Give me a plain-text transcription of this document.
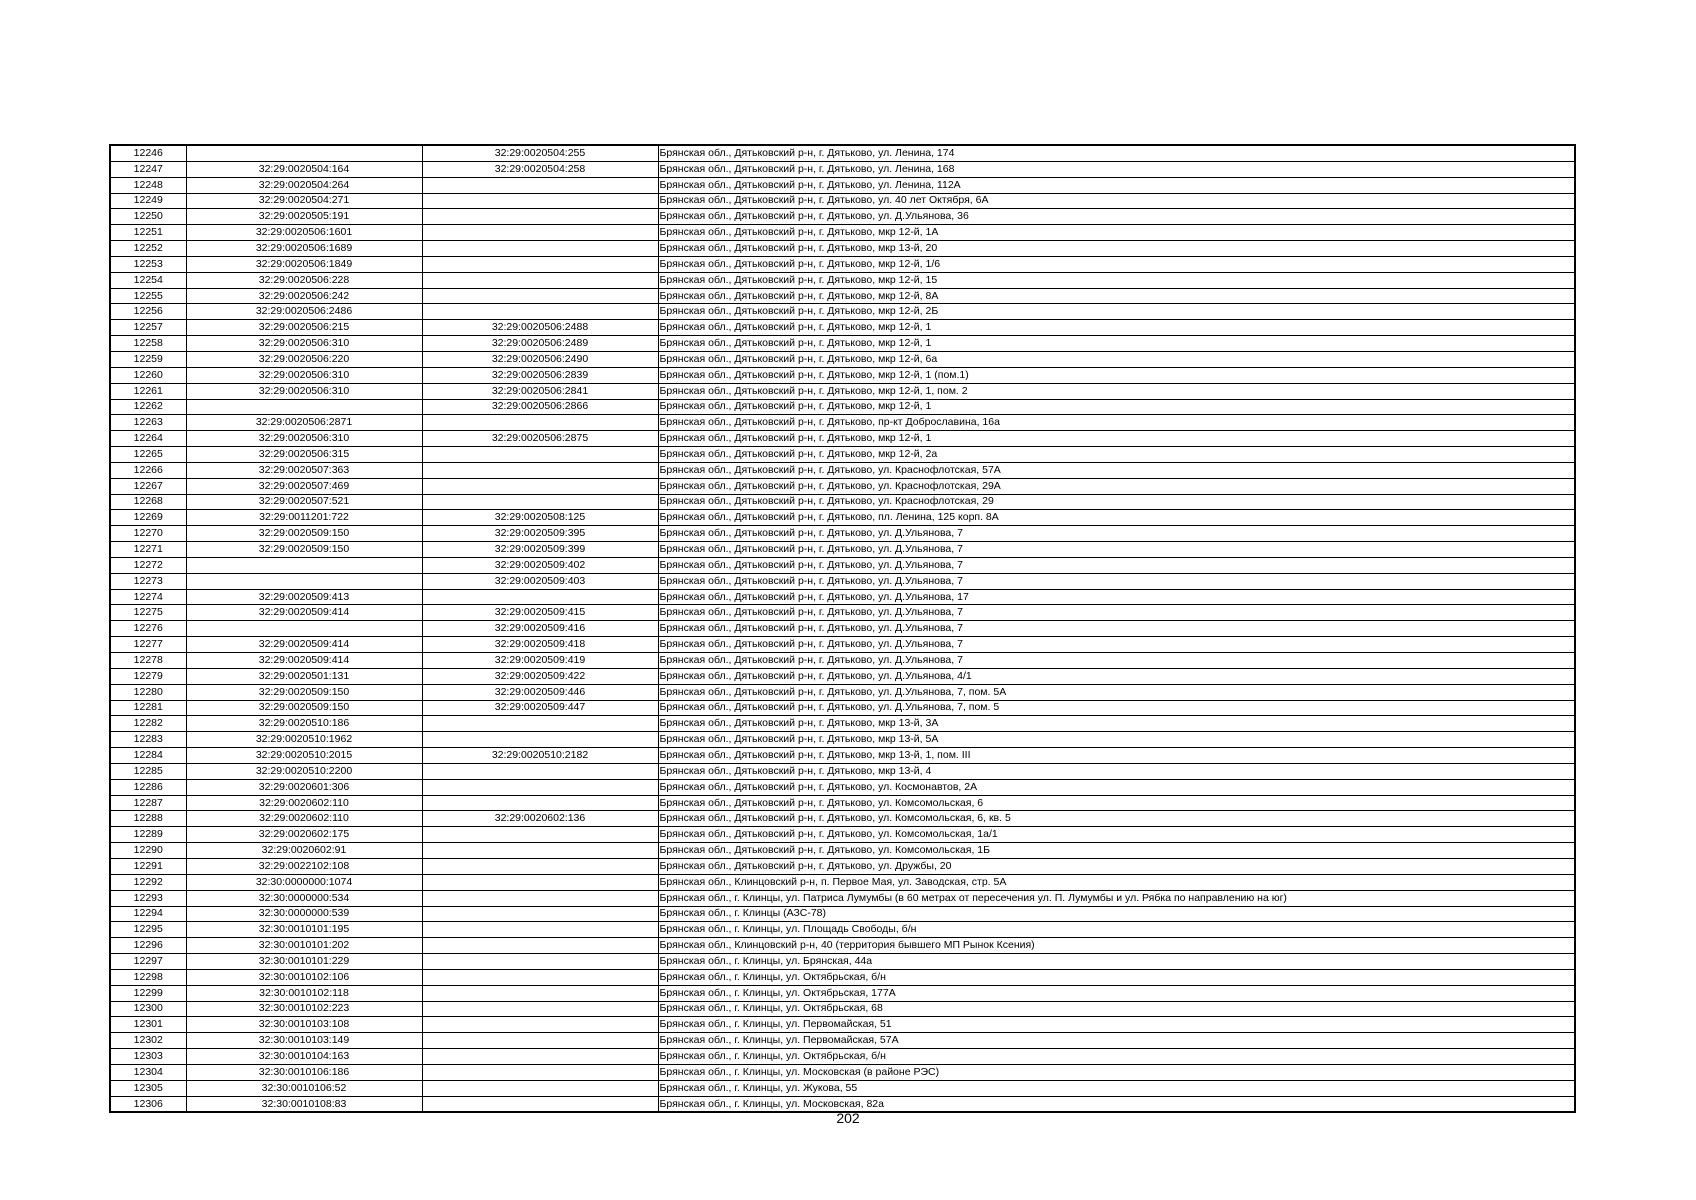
12246		32:29:0020504:255	Брянская обл., Дятьковский р-н, г. Дятьково, ул. Ленина, 174
12247	32:29:0020504:164	32:29:0020504:258	Брянская обл., Дятьковский р-н, г. Дятьково, ул. Ленина, 168
12248	32:29:0020504:264		Брянская обл., Дятьковский р-н, г. Дятьково, ул. Ленина, 112А
12249	32:29:0020504:271		Брянская обл., Дятьковский р-н, г. Дятьково, ул. 40 лет Октября, 6А
12250	32:29:0020505:191		Брянская обл., Дятьковский р-н, г. Дятьково, ул. Д.Ульянова, 36
12251	32:29:0020506:1601		Брянская обл., Дятьковский р-н, г. Дятьково, мкр 12-й, 1А
12252	32:29:0020506:1689		Брянская обл., Дятьковский р-н, г. Дятьково, мкр 13-й, 20
12253	32:29:0020506:1849		Брянская обл., Дятьковский р-н, г. Дятьково, мкр 12-й, 1/6
12254	32:29:0020506:228		Брянская обл., Дятьковский р-н, г. Дятьково, мкр 12-й, 15
12255	32:29:0020506:242		Брянская обл., Дятьковский р-н, г. Дятьково, мкр 12-й, 8А
12256	32:29:0020506:2486		Брянская обл., Дятьковский р-н, г. Дятьково, мкр 12-й, 2Б
12257	32:29:0020506:215	32:29:0020506:2488	Брянская обл., Дятьковский р-н, г. Дятьково, мкр 12-й, 1
12258	32:29:0020506:310	32:29:0020506:2489	Брянская обл., Дятьковский р-н, г. Дятьково, мкр 12-й, 1
12259	32:29:0020506:220	32:29:0020506:2490	Брянская обл., Дятьковский р-н, г. Дятьково, мкр 12-й, 6а
12260	32:29:0020506:310	32:29:0020506:2839	Брянская обл., Дятьковский р-н, г. Дятьково, мкр 12-й, 1 (пом.1)
12261	32:29:0020506:310	32:29:0020506:2841	Брянская обл., Дятьковский р-н, г. Дятьково, мкр 12-й, 1, пом. 2
12262		32:29:0020506:2866	Брянская обл., Дятьковский р-н, г. Дятьково, мкр 12-й, 1
12263	32:29:0020506:2871		Брянская обл., Дятьковский р-н, г. Дятьково, пр-кт Доброславина, 16а
12264	32:29:0020506:310	32:29:0020506:2875	Брянская обл., Дятьковский р-н, г. Дятьково, мкр 12-й, 1
12265	32:29:0020506:315		Брянская обл., Дятьковский р-н, г. Дятьково, мкр 12-й, 2а
12266	32:29:0020507:363		Брянская обл., Дятьковский р-н, г. Дятьково, ул. Краснофлотская, 57А
12267	32:29:0020507:469		Брянская обл., Дятьковский р-н, г. Дятьково, ул. Краснофлотская, 29А
12268	32:29:0020507:521		Брянская обл., Дятьковский р-н, г. Дятьково, ул. Краснофлотская, 29
12269	32:29:0011201:722	32:29:0020508:125	Брянская обл., Дятьковский р-н, г. Дятьково, пл. Ленина, 125 корп. 8А
12270	32:29:0020509:150	32:29:0020509:395	Брянская обл., Дятьковский р-н, г. Дятьково, ул. Д.Ульянова, 7
12271	32:29:0020509:150	32:29:0020509:399	Брянская обл., Дятьковский р-н, г. Дятьково, ул. Д.Ульянова, 7
12272		32:29:0020509:402	Брянская обл., Дятьковский р-н, г. Дятьково, ул. Д.Ульянова, 7
12273		32:29:0020509:403	Брянская обл., Дятьковский р-н, г. Дятьково, ул. Д.Ульянова, 7
12274	32:29:0020509:413		Брянская обл., Дятьковский р-н, г. Дятьково, ул. Д.Ульянова, 17
12275	32:29:0020509:414	32:29:0020509:415	Брянская обл., Дятьковский р-н, г. Дятьково, ул. Д.Ульянова, 7
12276		32:29:0020509:416	Брянская обл., Дятьковский р-н, г. Дятьково, ул. Д.Ульянова, 7
12277	32:29:0020509:414	32:29:0020509:418	Брянская обл., Дятьковский р-н, г. Дятьково, ул. Д.Ульянова, 7
12278	32:29:0020509:414	32:29:0020509:419	Брянская обл., Дятьковский р-н, г. Дятьково, ул. Д.Ульянова, 7
12279	32:29:0020501:131	32:29:0020509:422	Брянская обл., Дятьковский р-н, г. Дятьково, ул. Д.Ульянова, 4/1
12280	32:29:0020509:150	32:29:0020509:446	Брянская обл., Дятьковский р-н, г. Дятьково, ул. Д.Ульянова, 7, пом. 5А
12281	32:29:0020509:150	32:29:0020509:447	Брянская обл., Дятьковский р-н, г. Дятьково, ул. Д.Ульянова, 7, пом. 5
12282	32:29:0020510:186		Брянская обл., Дятьковский р-н, г. Дятьково, мкр 13-й, 3А
12283	32:29:0020510:1962		Брянская обл., Дятьковский р-н, г. Дятьково, мкр 13-й, 5А
12284	32:29:0020510:2015	32:29:0020510:2182	Брянская обл., Дятьковский р-н, г. Дятьково, мкр 13-й, 1, пом. III
12285	32:29:0020510:2200		Брянская обл., Дятьковский р-н, г. Дятьково, мкр 13-й, 4
12286	32:29:0020601:306		Брянская обл., Дятьковский р-н, г. Дятьково, ул. Космонавтов, 2А
12287	32:29:0020602:110		Брянская обл., Дятьковский р-н, г. Дятьково, ул. Комсомольская, 6
12288	32:29:0020602:110	32:29:0020602:136	Брянская обл., Дятьковский р-н, г. Дятьково, ул. Комсомольская, 6, кв. 5
12289	32:29:0020602:175		Брянская обл., Дятьковский р-н, г. Дятьково, ул. Комсомольская, 1а/1
12290	32:29:0020602:91		Брянская обл., Дятьковский р-н, г. Дятьково, ул. Комсомольская, 1Б
12291	32:29:0022102:108		Брянская обл., Дятьковский р-н, г. Дятьково, ул. Дружбы, 20
12292	32:30:0000000:1074		Брянская обл., Клинцовский р-н, п. Первое Мая, ул. Заводская, стр. 5А
12293	32:30:0000000:534		Брянская обл., г. Клинцы, ул. Патриса Лумумбы (в 60 метрах от пересечения ул. П. Лумумбы и ул. Рябка по направлению на юг)
12294	32:30:0000000:539		Брянская обл., г. Клинцы (АЗС-78)
12295	32:30:0010101:195		Брянская обл., г. Клинцы, ул. Площадь Свободы, б/н
12296	32:30:0010101:202		Брянская обл., Клинцовский р-н, 40 (территория бывшего МП Рынок Ксения)
12297	32:30:0010101:229		Брянская обл., г. Клинцы, ул. Брянская, 44а
12298	32:30:0010102:106		Брянская обл., г. Клинцы, ул. Октябрьская, б/н
12299	32:30:0010102:118		Брянская обл., г. Клинцы, ул. Октябрьская, 177А
12300	32:30:0010102:223		Брянская обл., г. Клинцы, ул. Октябрьская, 68
12301	32:30:0010103:108		Брянская обл., г. Клинцы, ул. Первомайская, 51
12302	32:30:0010103:149		Брянская обл., г. Клинцы, ул. Первомайская, 57А
12303	32:30:0010104:163		Брянская обл., г. Клинцы, ул. Октябрьская, б/н
12304	32:30:0010106:186		Брянская обл., г. Клинцы, ул. Московская (в районе РЭС)
12305	32:30:0010106:52		Брянская обл., г. Клинцы, ул. Жукова, 55
12306	32:30:0010108:83		Брянская обл., г. Клинцы, ул. Московская, 82а
202
